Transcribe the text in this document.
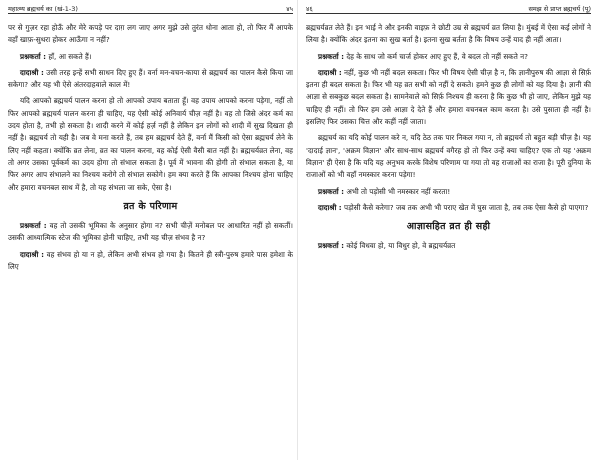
महात्म्य ब्रह्मचर्य का (खं-1-3)	४५

पर से गुज़र रहा होऊँ और मेरे कपड़े पर दाग़ लग जाए अगर मुझे उसे तुरंत धोना आता हो, तो फिर मैं आपके वहाँ खाफ़-सुथरा होकर आऊँगा न नहीं?

प्रश्नकर्ता : हाँ, आ सकते हैं।

दादाश्री : उसी तरह इन्हें सभी साधन दिए हुए हैं। वर्ना मन-वचन-काया से ब्रह्मचर्य का पालन कैसे किया जा सकेगा? और यह भी ऐसे अंतरदाहवाले काल में!

यदि आपको ब्रह्मचर्य पालन करना हो तो आपको उपाय बताता हूँ। वह उपाय आपको करना पड़ेगा, नहीं तो फिर आपको ब्रह्मचर्य पालन करना ही चाहिए, यह ऐसी कोई अनिवार्य चीज़ नहीं है। वह तो जिसे अंदर कर्म का उदय होता है, तभी हो सकता है। शादी करने में कोई हर्ज़ नहीं है लेकिन इन लोगों को शादी में सुख दिखता ही नहीं है। ब्रह्मचर्य तो यही है। जब वे मना करते हैं, तब हम ब्रह्मचर्य देते हैं, वर्ना मैं किसी को ऐसा ब्रह्मचर्य लेने के लिए नहीं कहता। क्योंकि व्रत लेना, व्रत का पालन करना, वह कोई ऐसी वैसी बात नहीं है। ब्रह्मचर्यव्रत लेना, वह तो अगर उसका पूर्वकर्म का उदय होगा तो संभाल सकता है। पूर्व में भावना की होगी तो संभाल सकता है, या फिर अगर आप संभालने का निश्चय करोगे तो संभाल सकोगे। हम क्या करते हैं कि आपका निश्चय होना चाहिए और हमारा वचनबल साथ में है, तो यह संभला जा सके, ऐसा है।

व्रत के परिणाम

प्रश्नकर्ता : वह तो उसकी भूमिका के अनुसार होगा न? सभी चीज़ें मनोबल पर आधारित नहीं हो सकतीं। उसकी आध्यात्मिक स्टेज की भूमिका होनी चाहिए, तभी यह चीज़ संभव है न?

दादाश्री : वह संभव हो या न हो, लेकिन अभी संभव हो गया है। कितने ही स्त्री-पुरुष हमारे पास हमेशा के लिए

४६	समझ से प्राप्त ब्रह्मचर्य (पू)

ब्रह्मचर्यव्रत लेते हैं। इन भाई ने और इनकी वाइफ़ ने छोटी उम्र से ब्रह्मचर्य व्रत लिया है। मुंबई में ऐसा कई लोगों ने लिया है। क्योंकि अंदर इतना का सुख बर्ता है। इतना सुख बर्तता है कि विषय उन्हें याद ही नहीं आता।

प्रश्नकर्ता : देह के साथ जो कर्म चार्ज होकर आए हुए हैं, वे बदल तो नहीं सकते न?

दादाश्री : नहीं, कुछ भी नहीं बदल सकता। फिर भी विषय ऐसी चीज़ है न, कि ज्ञानीपुरुष की आज्ञा से सिर्फ़ इतना ही बदल सकता है। फिर भी यह व्रत सभी को नहीं दे सकते। हमने कुछ ही लोगों को यह दिया है। ज्ञानी की आज्ञा से सबकुछ बदल सकता है। सामनेवाले को सिर्फ़ निश्चय ही करना है कि कुछ भी हो जाए, लेकिन मुझे यह चाहिए ही नहीं। तो फिर हम उसे आज्ञा दे देते हैं और हमारा वचनबल काम करता है। उसे पुसाता ही नहीं है। इसलिए फिर उसका चित्त और कहीं नहीं जाता।

ब्रह्मचर्य का यदि कोई पालन करे न, यदि ठेठ तक पार निकल गया न, तो ब्रह्मचर्य तो बहुत बड़ी चीज़ है। यह 'दादाई ज्ञान', 'अक्रम विज्ञान' और साथ-साथ ब्रह्मचर्य वगैरह हो तो फिर उन्हें क्या चाहिए? एक तो यह 'अक्रम विज्ञान' ही ऐसा है कि यदि यह अनुभव करके विशेष परिणाम पा गया तो वह राजाओं का राजा है। पूरी दुनिया के राजाओं को भी वहाँ नमस्कार करना पड़ेगा!

प्रश्नकर्ता : अभी तो पड़ोसी भी नमस्कार नहीं करता!

दादाश्री : पड़ोसी कैसे करेगा? जब तक अभी भी पराए खेत में घुस जाता है, तब तक ऐसा कैसे हो पाएगा?

आज्ञासहित व्रत ही सही

प्रश्नकर्ता : कोई विधवा हो, या विधुर हो, वे ब्रह्मचर्यव्रत
